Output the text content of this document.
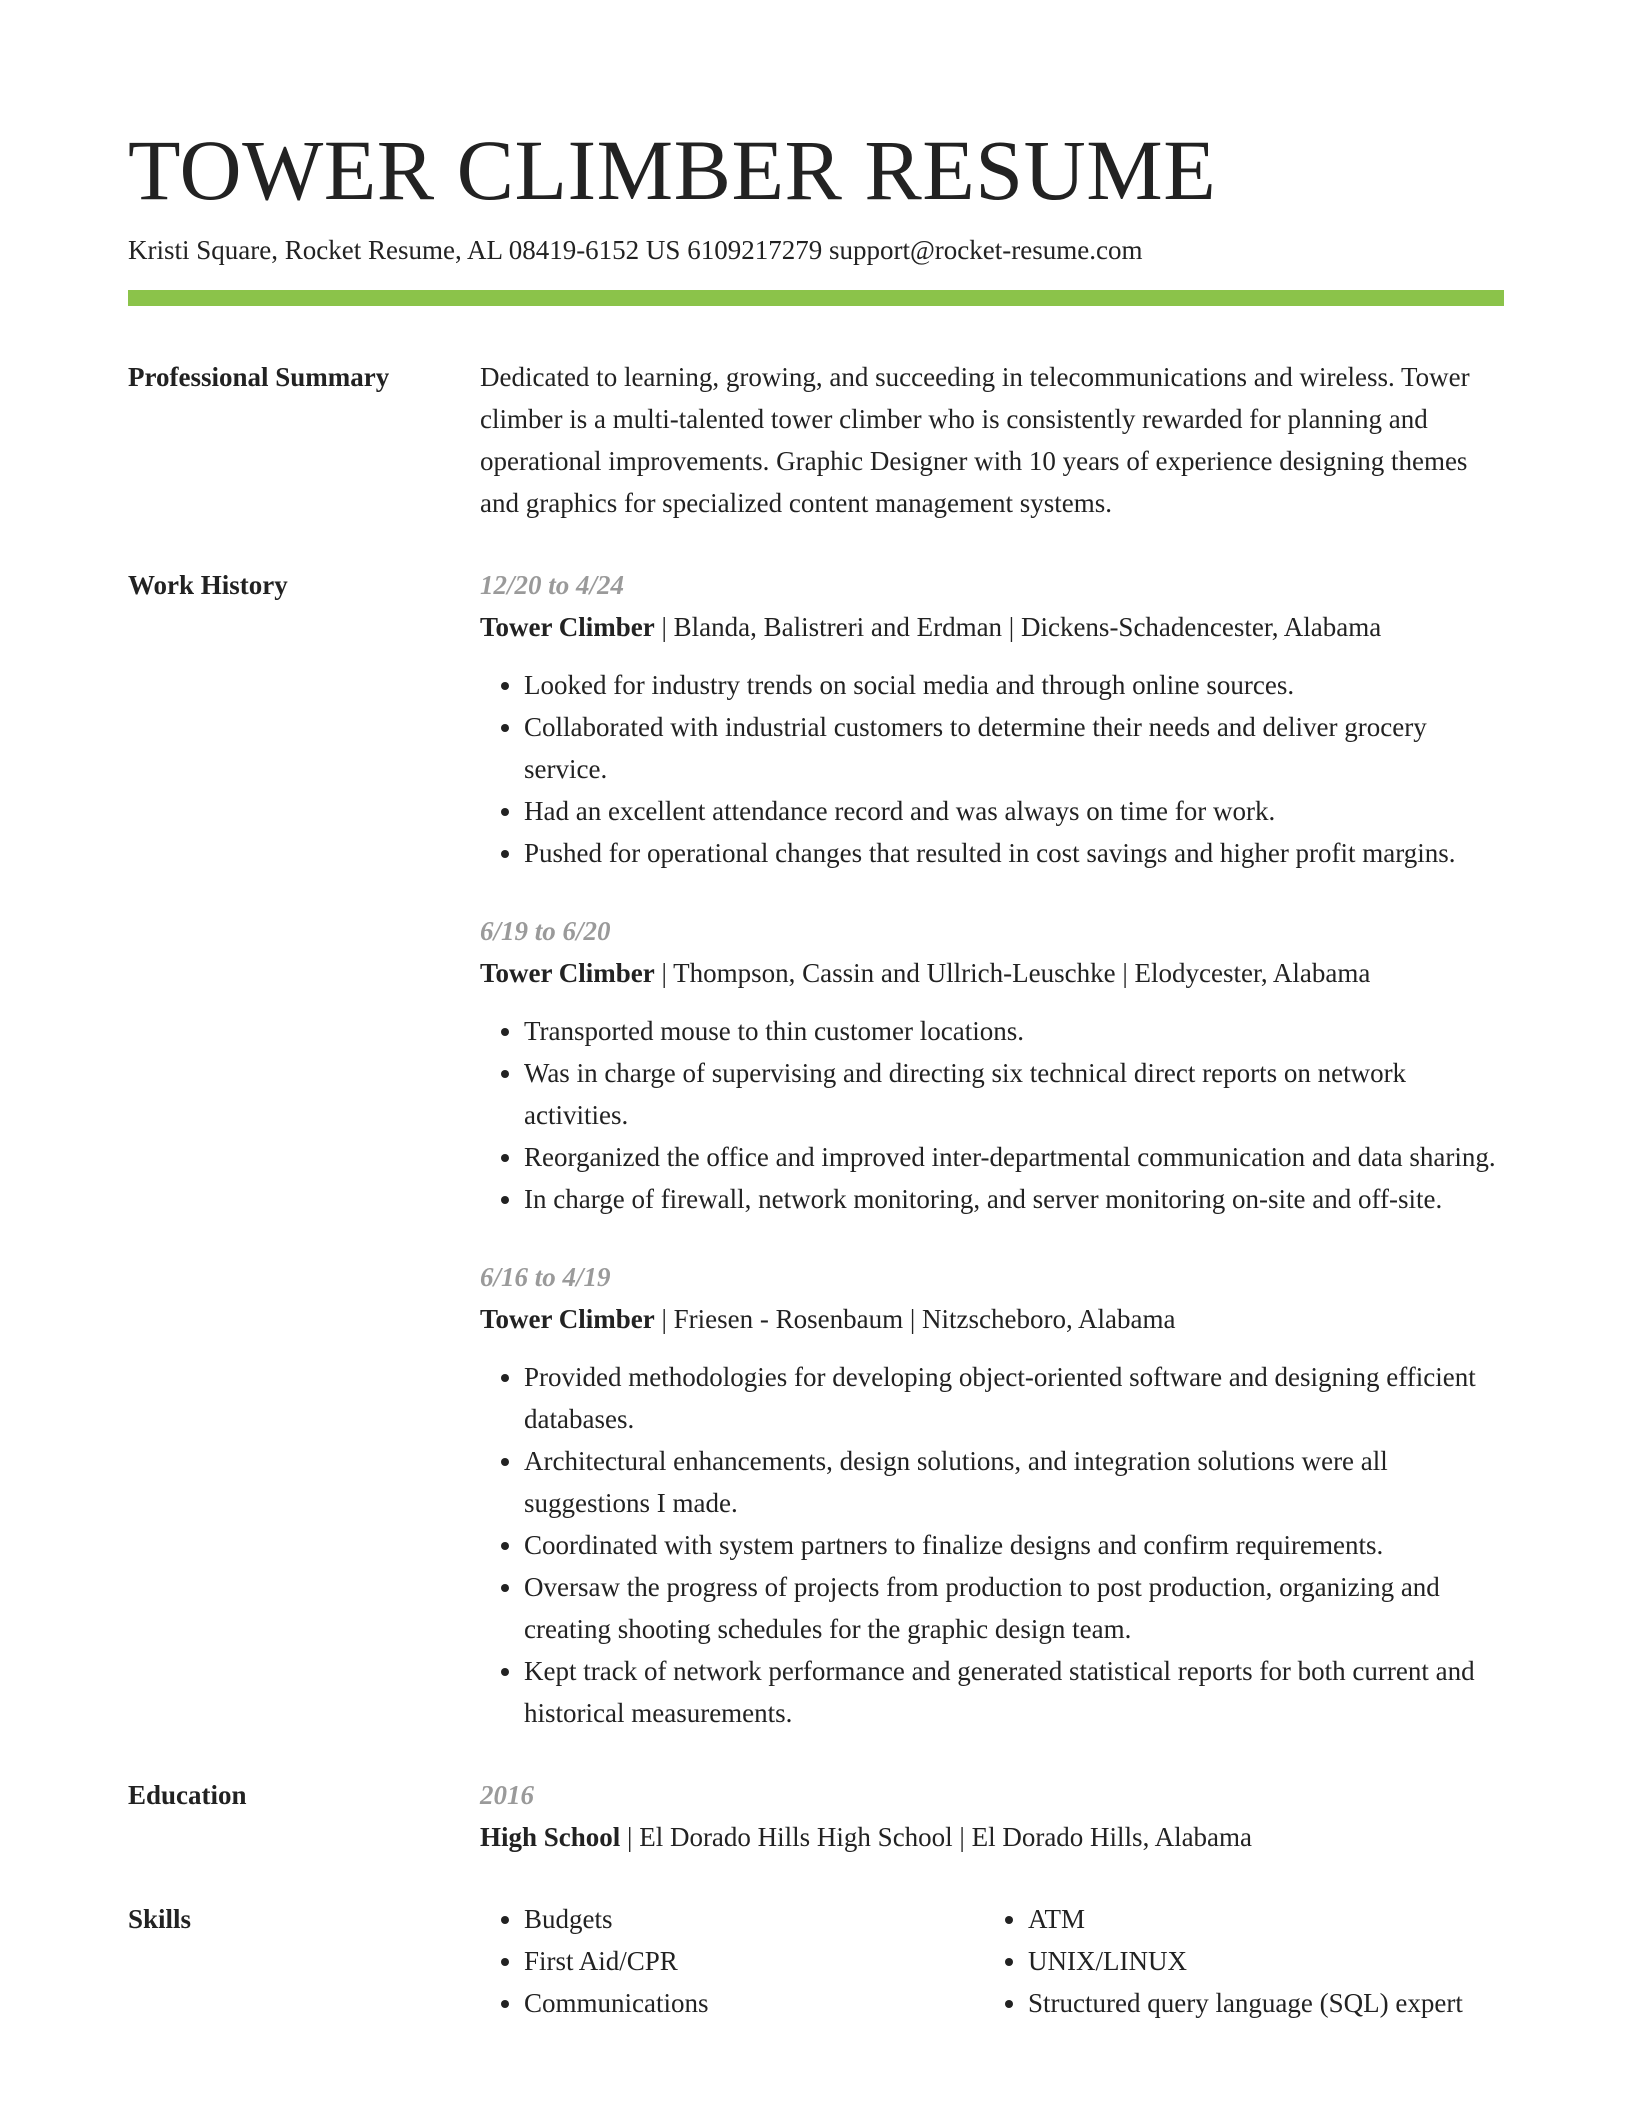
TOWER CLIMBER RESUME
Kristi Square, Rocket Resume, AL 08419-6152 US 6109217279 support@rocket-resume.com
Professional Summary	Dedicated to learning, growing, and succeeding in telecommunications and wireless. Tower climber is a multi-talented tower climber who is consistently rewarded for planning and operational improvements. Graphic Designer with 10 years of experience designing themes and graphics for specialized content management systems.

Work History	12/20 to 4/24
Tower Climber | Blanda, Balistreri and Erdman | Dickens-Schadencester, Alabama
• Looked for industry trends on social media and through online sources.
• Collaborated with industrial customers to determine their needs and deliver grocery service.
• Had an excellent attendance record and was always on time for work.
• Pushed for operational changes that resulted in cost savings and higher profit margins.
6/19 to 6/20
Tower Climber | Thompson, Cassin and Ullrich-Leuschke | Elodycester, Alabama
• Transported mouse to thin customer locations.
• Was in charge of supervising and directing six technical direct reports on network activities.
• Reorganized the office and improved inter-departmental communication and data sharing.
• In charge of firewall, network monitoring, and server monitoring on-site and off-site.
6/16 to 4/19
Tower Climber | Friesen - Rosenbaum | Nitzscheboro, Alabama
• Provided methodologies for developing object-oriented software and designing efficient databases.
• Architectural enhancements, design solutions, and integration solutions were all suggestions I made.
• Coordinated with system partners to finalize designs and confirm requirements.
• Oversaw the progress of projects from production to post production, organizing and creating shooting schedules for the graphic design team.
• Kept track of network performance and generated statistical reports for both current and historical measurements.
Education	2016
High School | El Dorado Hills High School | El Dorado Hills, Alabama
Skills
•	Budgets
• First Aid/CPR
• Communications
• ATM
• UNIX/LINUX
• Structured query language (SQL) expert
